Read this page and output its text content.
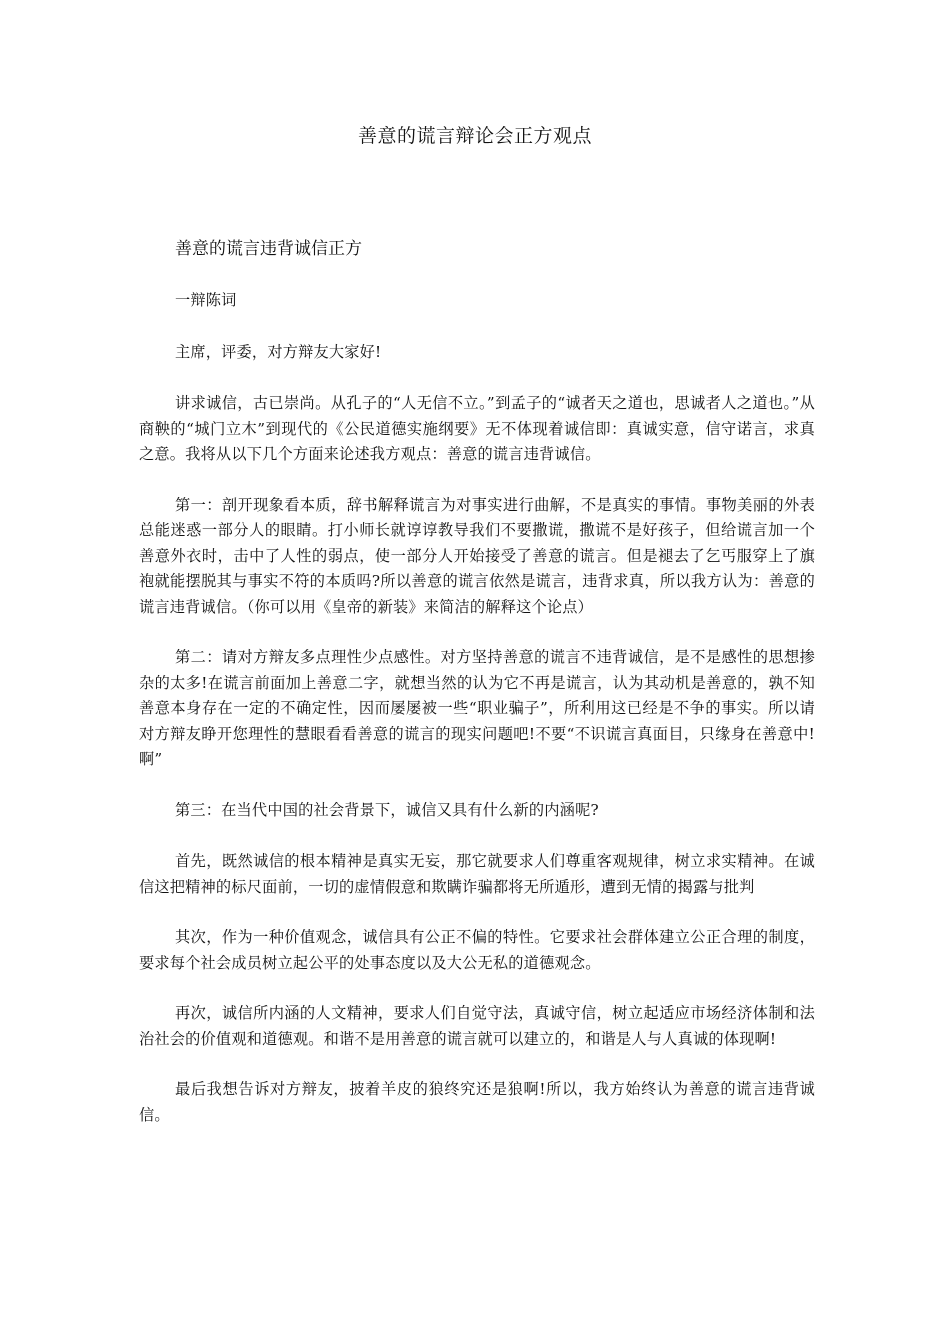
善意的谎言辩论会正方观点
善意的谎言违背诚信正方

一辩陈词

主席，评委，对方辩友大家好!

讲求诚信，古已崇尚。从孔子的“人无信不立。”到孟子的“诚者天之道也，思诚者人之道也。”从商鞅的“城门立木”到现代的《公民道德实施纲要》无不体现着诚信即：真诚实意，信守诺言，求真之意。我将从以下几个方面来论述我方观点：善意的谎言违背诚信。

第一：剖开现象看本质，辞书解释谎言为对事实进行曲解，不是真实的事情。事物美丽的外表总能迷惑一部分人的眼睛。打小师长就谆谆教导我们不要撒谎，撒谎不是好孩子，但给谎言加一个善意外衣时，击中了人性的弱点，使一部分人开始接受了善意的谎言。但是褪去了乞丐服穿上了旗袍就能摆脱其与事实不符的本质吗?所以善意的谎言依然是谎言，违背求真，所以我方认为：善意的谎言违背诚信。（你可以用《皇帝的新装》来简洁的解释这个论点）

第二：请对方辩友多点理性少点感性。对方坚持善意的谎言不违背诚信，是不是感性的思想掺杂的太多!在谎言前面加上善意二字，就想当然的认为它不再是谎言，认为其动机是善意的，孰不知善意本身存在一定的不确定性，因而屡屡被一些“职业骗子”，所利用这已经是不争的事实。所以请对方辩友睁开您理性的慧眼看看善意的谎言的现实问题吧!不要“不识谎言真面目，只缘身在善意中!啊”

第三：在当代中国的社会背景下，诚信又具有什么新的内涵呢?

首先，既然诚信的根本精神是真实无妄，那它就要求人们尊重客观规律，树立求实精神。在诚信这把精神的标尺面前，一切的虚情假意和欺瞒诈骗都将无所遁形，遭到无情的揭露与批判

其次，作为一种价值观念，诚信具有公正不偏的特性。它要求社会群体建立公正合理的制度，要求每个社会成员树立起公平的处事态度以及大公无私的道德观念。

再次，诚信所内涵的人文精神，要求人们自觉守法，真诚守信，树立起适应市场经济体制和法治社会的价值观和道德观。和谐不是用善意的谎言就可以建立的，和谐是人与人真诚的体现啊!

最后我想告诉对方辩友，披着羊皮的狼终究还是狼啊!所以，我方始终认为善意的谎言违背诚信。
